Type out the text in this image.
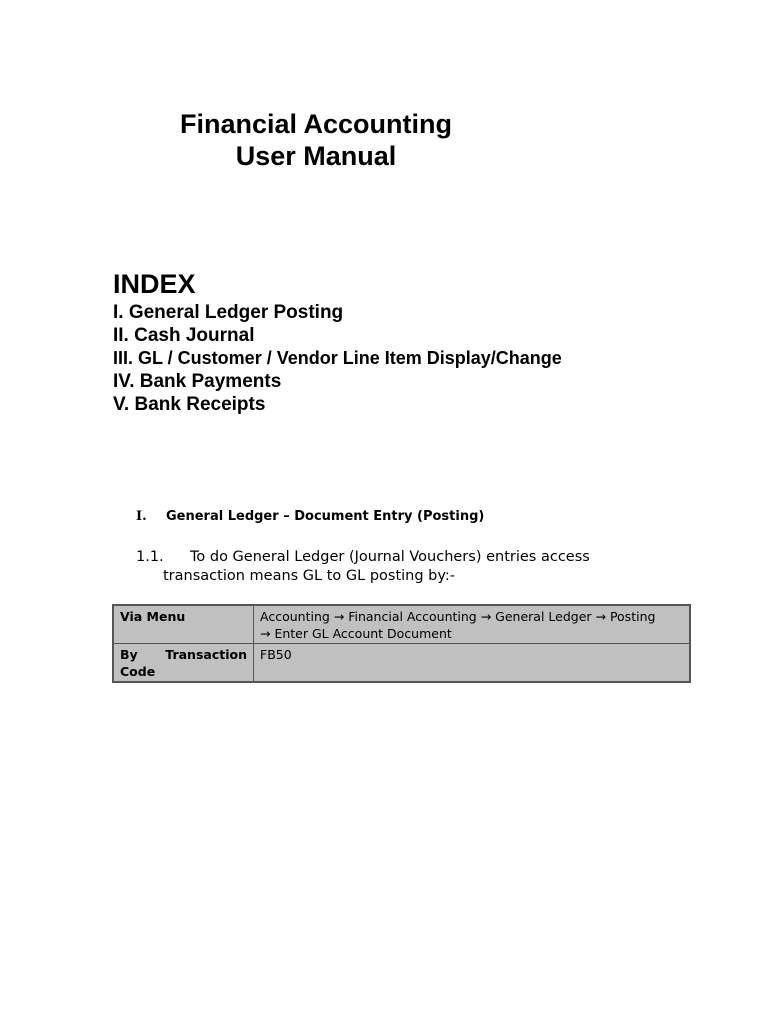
Financial Accounting
User Manual
INDEX
I. General Ledger Posting
II. Cash Journal
III. GL / Customer / Vendor Line Item Display/Change
IV. Bank Payments
V. Bank Receipts
I. General Ledger – Document Entry (Posting)
1.1. To do General Ledger (Journal Vouchers) entries access
transaction means GL to GL posting by:-
Via Menu	Accounting → Financial Accounting → General Ledger → Posting
→ Enter GL Account Document
By Transaction Code	FB50
